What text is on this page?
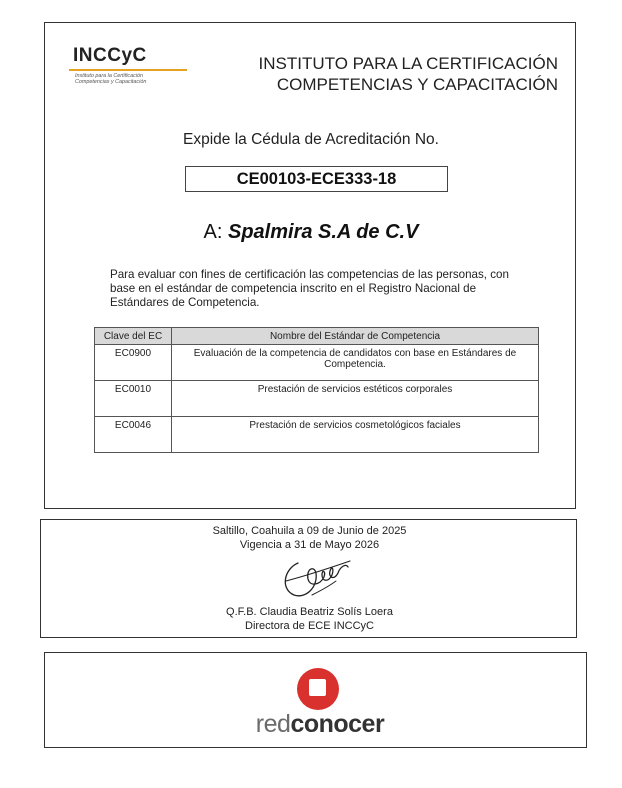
INCCyC
Instituto para la Certificación
Competencias y Capacitación
INSTITUTO PARA LA CERTIFICACIÓN
COMPETENCIAS Y CAPACITACIÓN
Expide la Cédula de Acreditación No.
CE00103-ECE333-18
A: Spalmira S.A de C.V
Para evaluar con fines de certificación las competencias de las personas, con base en el estándar de competencia inscrito en el Registro Nacional de Estándares de Competencia.
Clave del EC	Nombre del Estándar de Competencia
EC0900	Evaluación de la competencia de candidatos con base en Estándares de Competencia.
EC0010	Prestación de servicios estéticos corporales
EC0046	Prestación de servicios cosmetológicos faciales
Saltillo, Coahuila a 09 de Junio de 2025
Vigencia a 31 de Mayo 2026
Q.F.B. Claudia Beatriz Solís Loera
Directora de ECE INCCyC
redconocer
